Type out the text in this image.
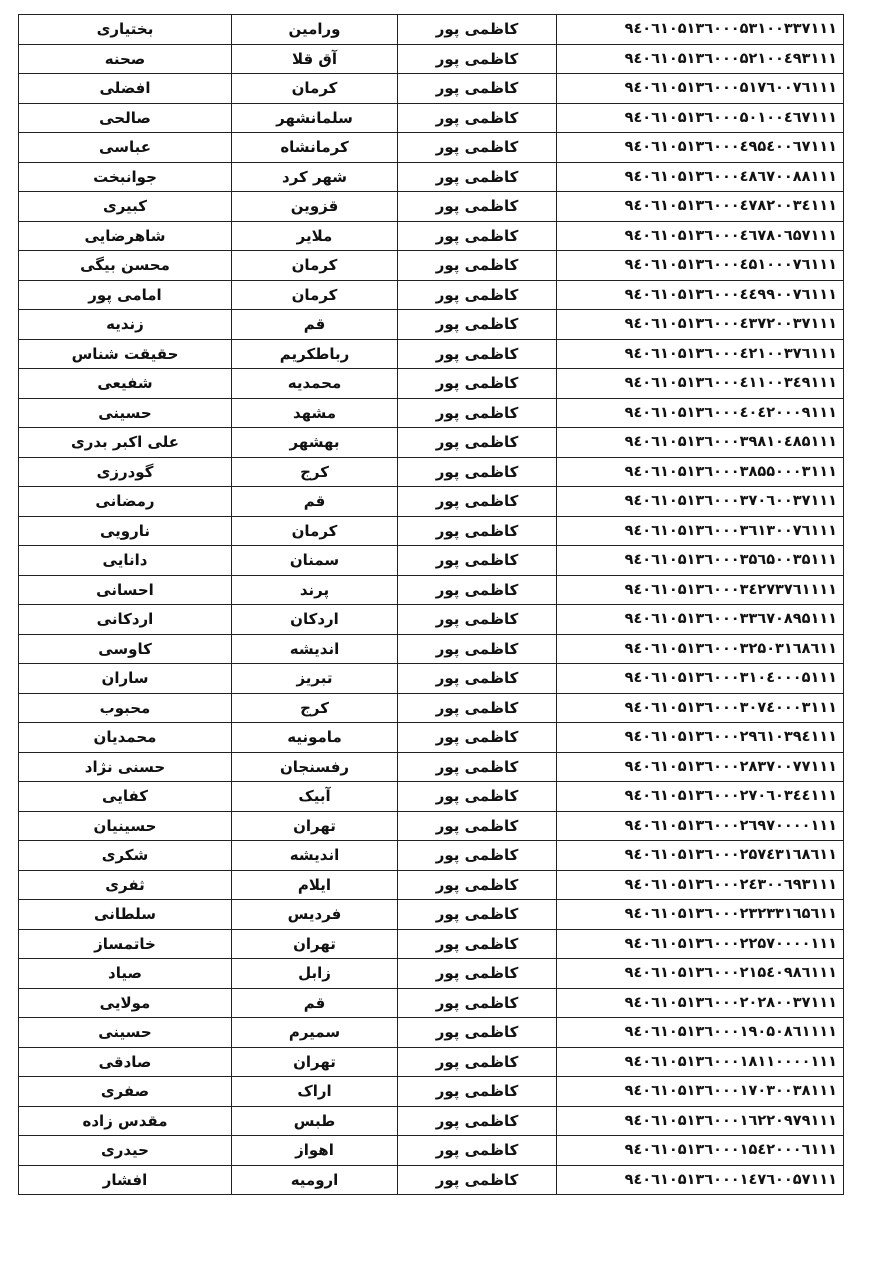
بختیاری	ورامین	کاظمی پور	۹٤۰٦۱۰۵۱۳٦۰۰۰۵۳۱۰۰۳۳۷۱۱۱
صحنه	آق قلا	کاظمی پور	۹٤۰٦۱۰۵۱۳٦۰۰۰۵۲۱۰۰٤۹۳۱۱۱
افضلی	کرمان	کاظمی پور	۹٤۰٦۱۰۵۱۳٦۰۰۰۵۱۷٦۰۰۷٦۱۱۱
صالحی	سلمانشهر	کاظمی پور	۹٤۰٦۱۰۵۱۳٦۰۰۰۵۰۱۰۰٤٦۷۱۱۱
عباسی	کرمانشاه	کاظمی پور	۹٤۰٦۱۰۵۱۳٦۰۰۰٤۹۵٤۰۰٦۷۱۱۱
جوانبخت	شهر کرد	کاظمی پور	۹٤۰٦۱۰۵۱۳٦۰۰۰٤۸٦۷۰۰۸۸۱۱۱
کبیری	قزوین	کاظمی پور	۹٤۰٦۱۰۵۱۳٦۰۰۰٤۷۸۲۰۰۳٤۱۱۱
شاهرضایی	ملایر	کاظمی پور	۹٤۰٦۱۰۵۱۳٦۰۰۰٤٦۷۸۰٦۵۷۱۱۱
محسن بیگی	کرمان	کاظمی پور	۹٤۰٦۱۰۵۱۳٦۰۰۰٤۵۱۰۰۰۷٦۱۱۱
امامی پور	کرمان	کاظمی پور	۹٤۰٦۱۰۵۱۳٦۰۰۰٤٤۹۹۰۰۷٦۱۱۱
زندیه	قم	کاظمی پور	۹٤۰٦۱۰۵۱۳٦۰۰۰٤۳۷۲۰۰۳۷۱۱۱
حقیقت شناس	رباطکریم	کاظمی پور	۹٤۰٦۱۰۵۱۳٦۰۰۰٤۲۱۰۰۳۷٦۱۱۱
شفیعی	محمدیه	کاظمی پور	۹٤۰٦۱۰۵۱۳٦۰۰۰٤۱۱۰۰۳٤۹۱۱۱
حسینی	مشهد	کاظمی پور	۹٤۰٦۱۰۵۱۳٦۰۰۰٤۰٤۲۰۰۰۹۱۱۱
علی اکبر بدری	بهشهر	کاظمی پور	۹٤۰٦۱۰۵۱۳٦۰۰۰۳۹۸۱۰٤۸۵۱۱۱
گودرزی	کرج	کاظمی پور	۹٤۰٦۱۰۵۱۳٦۰۰۰۳۸۵۵۰۰۰۳۱۱۱
رمضانی	قم	کاظمی پور	۹٤۰٦۱۰۵۱۳٦۰۰۰۳۷۰٦۰۰۳۷۱۱۱
نارویی	کرمان	کاظمی پور	۹٤۰٦۱۰۵۱۳٦۰۰۰۳٦۱۳۰۰۷٦۱۱۱
دانایی	سمنان	کاظمی پور	۹٤۰٦۱۰۵۱۳٦۰۰۰۳۵٦۵۰۰۳۵۱۱۱
احسانی	پرند	کاظمی پور	۹٤۰٦۱۰۵۱۳٦۰۰۰۳٤۲۷۳۷٦۱۱۱۱
اردکانی	اردکان	کاظمی پور	۹٤۰٦۱۰۵۱۳٦۰۰۰۳۳٦۷۰۸۹۵۱۱۱
کاوسی	اندیشه	کاظمی پور	۹٤۰٦۱۰۵۱۳٦۰۰۰۳۲۵۰۳۱٦۸٦۱۱
ساران	تبریز	کاظمی پور	۹٤۰٦۱۰۵۱۳٦۰۰۰۳۱۰٤۰۰۰۵۱۱۱
محبوب	کرج	کاظمی پور	۹٤۰٦۱۰۵۱۳٦۰۰۰۳۰۷٤۰۰۰۳۱۱۱
محمدیان	مامونیه	کاظمی پور	۹٤۰٦۱۰۵۱۳٦۰۰۰۲۹٦۱۰۳۹٤۱۱۱
حسنی نژاد	رفسنجان	کاظمی پور	۹٤۰٦۱۰۵۱۳٦۰۰۰۲۸۳۷۰۰۷۷۱۱۱
کفایی	آبیک	کاظمی پور	۹٤۰٦۱۰۵۱۳٦۰۰۰۲۷۰٦۰۳٤٤۱۱۱
حسینیان	تهران	کاظمی پور	۹٤۰٦۱۰۵۱۳٦۰۰۰۲٦۹۷۰۰۰۰۱۱۱
شکری	اندیشه	کاظمی پور	۹٤۰٦۱۰۵۱۳٦۰۰۰۲۵۷٤۳۱٦۸٦۱۱
ثفری	ایلام	کاظمی پور	۹٤۰٦۱۰۵۱۳٦۰۰۰۲٤۳۰۰٦۹۳۱۱۱
سلطانی	فردیس	کاظمی پور	۹٤۰٦۱۰۵۱۳٦۰۰۰۲۳۲۳۳۱٦۵٦۱۱
خاتمساز	تهران	کاظمی پور	۹٤۰٦۱۰۵۱۳٦۰۰۰۲۲۵۷۰۰۰۰۱۱۱
صیاد	زابل	کاظمی پور	۹٤۰٦۱۰۵۱۳٦۰۰۰۲۱۵٤۰۹۸٦۱۱۱
مولایی	قم	کاظمی پور	۹٤۰٦۱۰۵۱۳٦۰۰۰۲۰۲۸۰۰۳۷۱۱۱
حسینی	سمیرم	کاظمی پور	۹٤۰٦۱۰۵۱۳٦۰۰۰۱۹۰۵۰۸٦۱۱۱۱
صادقی	تهران	کاظمی پور	۹٤۰٦۱۰۵۱۳٦۰۰۰۱۸۱۱۰۰۰۰۱۱۱
صفری	اراک	کاظمی پور	۹٤۰٦۱۰۵۱۳٦۰۰۰۱۷۰۳۰۰۳۸۱۱۱
مقدس زاده	طبس	کاظمی پور	۹٤۰٦۱۰۵۱۳٦۰۰۰۱٦۲۲۰۹۷۹۱۱۱
حیدری	اهواز	کاظمی پور	۹٤۰٦۱۰۵۱۳٦۰۰۰۱۵٤۲۰۰۰٦۱۱۱
افشار	ارومیه	کاظمی پور	۹٤۰٦۱۰۵۱۳٦۰۰۰۱٤۷٦۰۰۵۷۱۱۱
